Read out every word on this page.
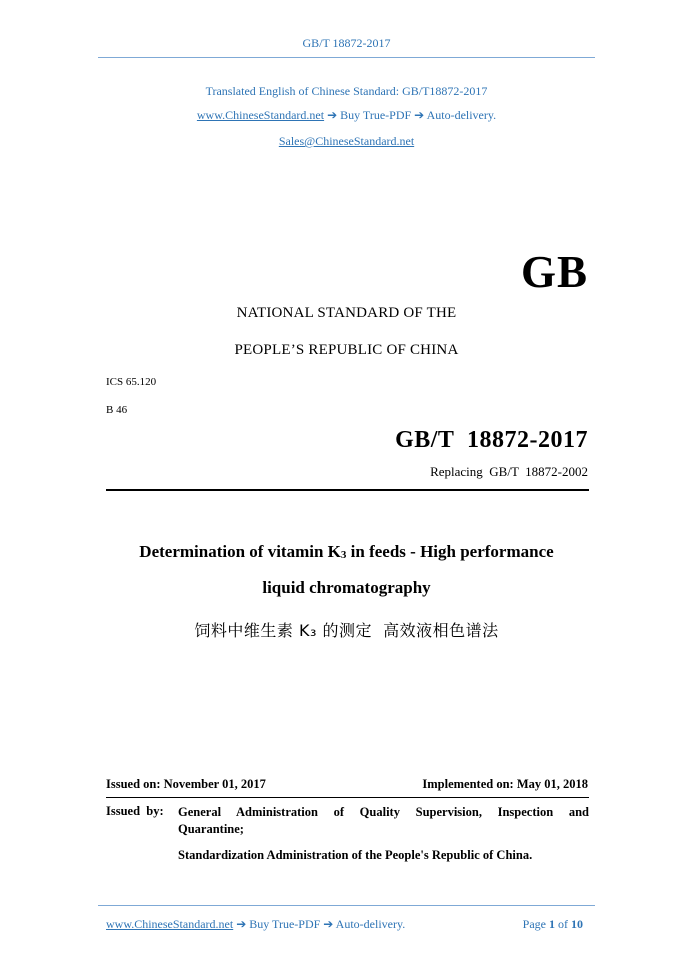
GB/T 18872-2017
Translated English of Chinese Standard: GB/T18872-2017
www.ChineseStandard.net ➔ Buy True-PDF ➔ Auto-delivery.
Sales@ChineseStandard.net
GB
NATIONAL STANDARD OF THE
PEOPLE’S REPUBLIC OF CHINA
ICS 65.120
B 46
GB/T  18872-2017
Replacing  GB/T  18872-2002
Determination of vitamin $K_3$ in feeds - High performance
liquid chromatography
饲料中维生素 K₃ 的测定  高效液相色谱法
Issued on: November 01, 2017	Implemented on: May 01, 2018
Issued  by: General Administration of Quality Supervision, Inspection and
Quarantine;
Standardization Administration of the People's Republic of China.
www.ChineseStandard.net ➔ Buy True-PDF ➔ Auto-delivery.	Page 1 of 10
